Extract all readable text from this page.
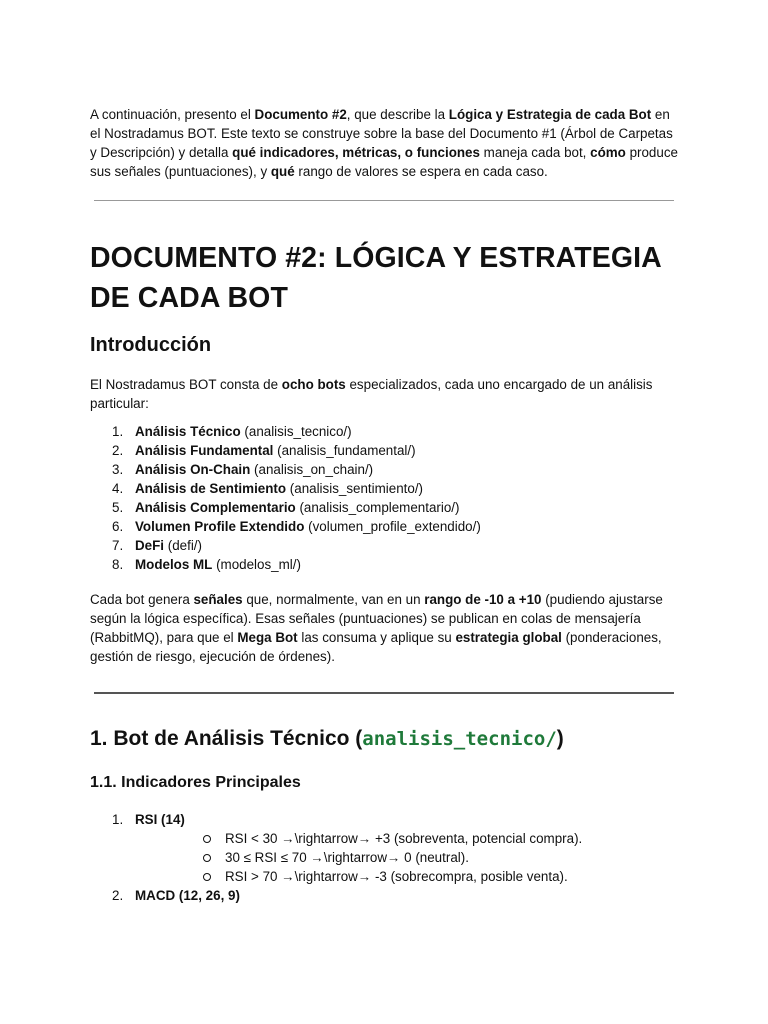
A continuación, presento el Documento #2, que describe la Lógica y Estrategia de cada Bot en el Nostradamus BOT. Este texto se construye sobre la base del Documento #1 (Árbol de Carpetas y Descripción) y detalla qué indicadores, métricas, o funciones maneja cada bot, cómo produce sus señales (puntuaciones), y qué rango de valores se espera en cada caso.

DOCUMENTO #2: LÓGICA Y ESTRATEGIA DE CADA BOT
Introducción

El Nostradamus BOT consta de ocho bots especializados, cada uno encargado de un análisis particular:

1. Análisis Técnico (analisis_tecnico/)
2. Análisis Fundamental (analisis_fundamental/)
3. Análisis On-Chain (analisis_on_chain/)
4. Análisis de Sentimiento (analisis_sentimiento/)
5. Análisis Complementario (analisis_complementario/)
6. Volumen Profile Extendido (volumen_profile_extendido/)
7. DeFi (defi/)
8. Modelos ML (modelos_ml/)

Cada bot genera señales que, normalmente, van en un rango de -10 a +10 (pudiendo ajustarse según la lógica específica). Esas señales (puntuaciones) se publican en colas de mensajería (RabbitMQ), para que el Mega Bot las consuma y aplique su estrategia global (ponderaciones, gestión de riesgo, ejecución de órdenes).

1. Bot de Análisis Técnico (analisis_tecnico/)
1.1. Indicadores Principales
1. RSI (14)
RSI < 30 →\rightarrow→ +3 (sobreventa, potencial compra).
30 ≤ RSI ≤ 70 →\rightarrow→ 0 (neutral).
RSI > 70 →\rightarrow→ -3 (sobrecompra, posible venta).
2. MACD (12, 26, 9)
